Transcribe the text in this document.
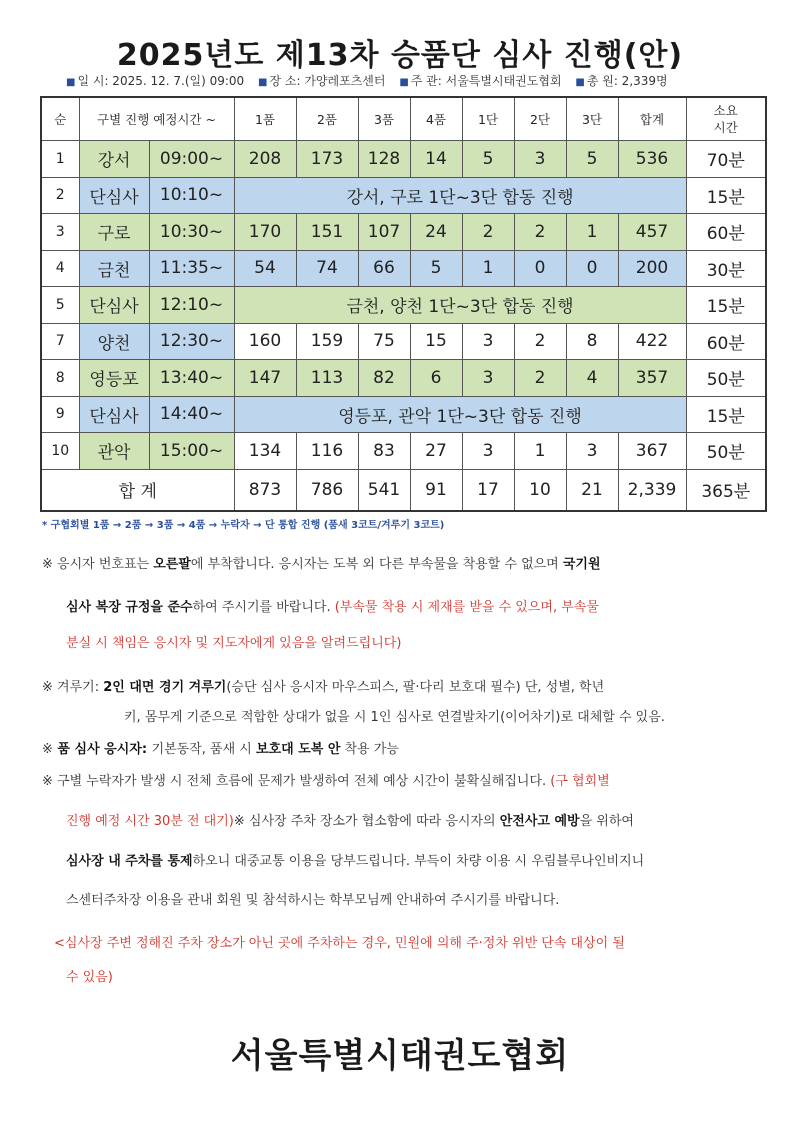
2025년도 제13차 승품단 심사 진행(안)
■ 일 시: 2025. 12. 7.(일) 09:00 ■ 장 소: 가양레포츠센터 ■ 주 관: 서울특별시태권도협회 ■ 총 원: 2,339명
순	구별 진행 예정시간 ~		1품	2품	3품	4품	1단	2단	3단	합계	소요
시간
1	강서	09:00~	208	173	128	14	5	3	5	536	70분
2	단심사	10:10~	강서, 구로 1단~3단 합동 진행								15분
3	구로	10:30~	170	151	107	24	2	2	1	457	60분
4	금천	11:35~	54	74	66	5	1	0	0	200	30분
5	단심사	12:10~	금천, 양천 1단~3단 합동 진행								15분
7	양천	12:30~	160	159	75	15	3	2	8	422	60분
8	영등포	13:40~	147	113	82	6	3	2	4	357	50분
9	단심사	14:40~	영등포, 관악 1단~3단 합동 진행								15분
10	관악	15:00~	134	116	83	27	3	1	3	367	50분
합 계			873	786	541	91	17	10	21	2,339	365분
* 구협회별 1품 → 2품 → 3품 → 4품 → 누락자 → 단 통합 진행 (품새 3코트/겨루기 3코트)
※ 응시자 번호표는 오른팔에 부착합니다. 응시자는 도복 외 다른 부속물을 착용할 수 없으며 국기원
심사 복장 규정을 준수하여 주시기를 바랍니다. (부속물 착용 시 제재를 받을 수 있으며, 부속물
분실 시 책임은 응시자 및 지도자에게 있음을 알려드립니다)
※ 겨루기: 2인 대면 경기 겨루기(승단 심사 응시자 마우스피스, 팔·다리 보호대 필수) 단, 성별, 학년
키, 몸무게 기준으로 적합한 상대가 없을 시 1인 심사로 연결발차기(이어차기)로 대체할 수 있음.
※ 품 심사 응시자: 기본동작, 품새 시 보호대 도복 안 착용 가능
※ 구별 누락자가 발생 시 전체 흐름에 문제가 발생하여 전체 예상 시간이 불확실해집니다. (구 협회별
진행 예정 시간 30분 전 대기)※ 심사장 주차 장소가 협소함에 따라 응시자의 안전사고 예방을 위하여
심사장 내 주차를 통제하오니 대중교통 이용을 당부드립니다. 부득이 차량 이용 시 우림블루나인비지니
스센터주차장 이용을 관내 회원 및 참석하시는 학부모님께 안내하여 주시기를 바랍니다.
<심사장 주변 정해진 주차 장소가 아닌 곳에 주차하는 경우, 민원에 의해 주·정차 위반 단속 대상이 될
수 있음)
서울특별시태권도협회
